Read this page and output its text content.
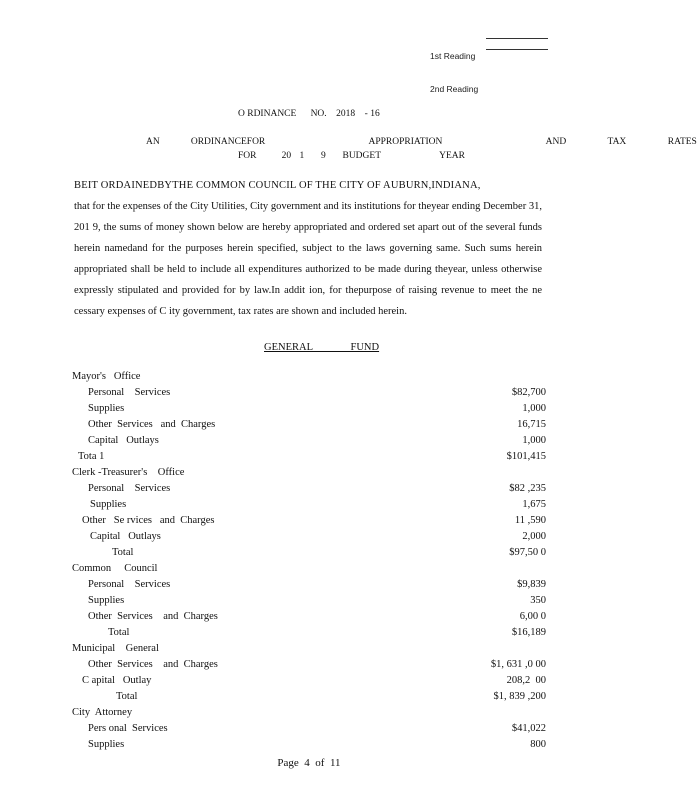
1st Reading

2nd Reading

O RDINANCE      NO.    2018    - 16
AN   ORDINANCEFOR          APPROPRIATION          AND    TAX    RATES
FOR   20 1  9  BUDGET       YEAR
BEIT ORDAINEDBYTHE COMMON COUNCIL OF THE CITY OF AUBURN,INDIANA,
that for the expenses of the City Utilities, City government and its institutions for theyear ending December 31, 201 9, the sums of money shown below are hereby appropriated and ordered set apart out of the several funds herein namedand for the purposes herein specified, subject to the laws governing same. Such sums herein appropriated shall be held to include all expenditures authorized to be made during theyear, unless otherwise expressly stipulated and provided for by law.In addit ion, for thepurpose of raising revenue to meet the ne cessary expenses of C ity government, tax rates are shown and included herein.
GENERAL   FUND
Mayor's   Office
Personal    Services	$82,700
Supplies	1,000
Other  Services   and  Charges	16,715
Capital   Outlays	1,000
Tota 1	$101,415
Clerk -Treasurer's    Office
Personal    Services	$82 ,235
Supplies	1,675
Other   Se rvices   and  Charges	11 ,590
Capital   Outlays	2,000
Total	$97,50 0
Common     Council
Personal    Services	$9,839
Supplies	350
Other  Services    and  Charges	6,00 0
Total	$16,189
Municipal    General
Other  Services    and  Charges	$1, 631 ,0 00
C apital   Outlay	208,2  00
Total	$1, 839 ,200
City  Attorney
Pers onal  Services	$41,022
Supplies	800
Page  4  of  11
